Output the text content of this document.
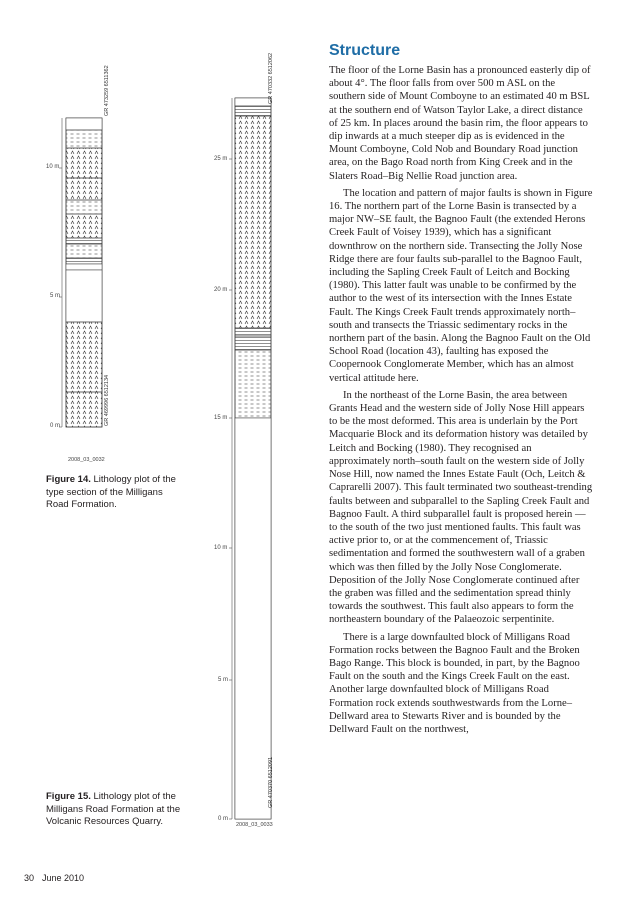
10 m
5 m
0 m
GR 473259 6511362
GR 469996 6512134
2008_03_0032
Figure 14. Lithology plot of the type section of the Milligans Road Formation.
25 m
20 m
15 m
10 m
5 m
0 m
GR 470332 6512062
GR 470370 6512091
2008_03_0033
Figure 15. Lithology plot of the Milligans Road Formation at the Volcanic Resources Quarry.
Structure

The floor of the Lorne Basin has a pronounced easterly dip of about 4°. The floor falls from over 500 m ASL on the southern side of Mount Comboyne to an estimated 40 m BSL at the southern end of Watson Taylor Lake, a direct distance of 25 km. In places around the basin rim, the floor appears to dip inwards at a much steeper dip as is evidenced in the Mount Comboyne, Cold Nob and Boundary Road junction area, on the Bago Road north from King Creek and in the Slaters Road–Big Nellie Road junction area.

The location and pattern of major faults is shown in Figure 16. The northern part of the Lorne Basin is transected by a major NW–SE fault, the Bagnoo Fault (the extended Herons Creek Fault of Voisey 1939), which has a significant downthrow on the northern side. Transecting the Jolly Nose Ridge there are four faults sub-parallel to the Bagnoo Fault, including the Sapling Creek Fault of Leitch and Bocking (1980). This latter fault was unable to be confirmed by the author to the west of its intersection with the Innes Estate Fault. The Kings Creek Fault trends approximately north–south and transects the Triassic sedimentary rocks in the northern part of the basin. Along the Bagnoo Fault on the Old School Road (location 43), faulting has exposed the Coopernook Conglomerate Member, which has an almost vertical attitude here.

In the northeast of the Lorne Basin, the area between Grants Head and the western side of Jolly Nose Hill appears to be the most deformed. This area is underlain by the Port Macquarie Block and its deformation history was detailed by Leitch and Bocking (1980). They recognised an approximately north–south fault on the western side of Jolly Nose Hill, now named the Innes Estate Fault (Och, Leitch & Caprarelli 2007). This fault terminated two southeast-trending faults between and subparallel to the Sapling Creek Fault and Bagnoo Fault. A third subparallel fault is proposed herein — to the south of the two just mentioned faults. This fault was active prior to, or at the commencement of, Triassic sedimentation and formed the southwestern wall of a graben which was then filled by the Jolly Nose Conglomerate. Deposition of the Jolly Nose Conglomerate continued after the graben was filled and the sedimentation spread thinly towards the southwest. This fault also appears to form the northeastern boundary of the Palaeozoic serpentinite.

There is a large downfaulted block of Milligans Road Formation rocks between the Bagnoo Fault and the Broken Bago Range. This block is bounded, in part, by the Bagnoo Fault on the south and the Kings Creek Fault on the east. Another large downfaulted block of Milligans Road Formation rock extends southwestwards from the Lorne–Dellward area to Stewarts River and is bounded by the Dellward Fault on the northwest,

30 June 2010
